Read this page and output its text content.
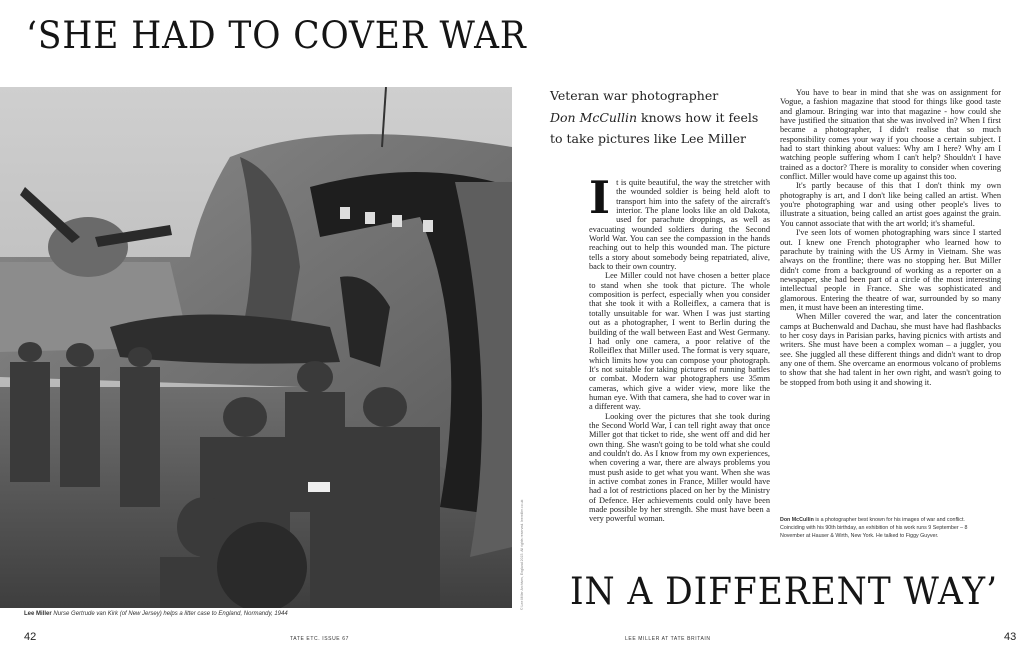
‘SHE HAD TO COVER WAR
Lee Miller Nurse Gertrude van Kirk (of New Jersey) helps a litter case to England, Normandy, 1944
© Lee Miller Archives, England 2015. All rights reserved. leemiller.co.uk
Veteran war photographer
Don McCullin knows how it feels
to take pictures like Lee Miller

It is quite beautiful, the way the stretcher with the wounded soldier is being held aloft to transport him into the safety of the aircraft's interior. The plane looks like an old Dakota, used for parachute droppings, as well as evacuating wounded soldiers during the Second World War. You can see the compassion in the hands reaching out to help this wounded man. The picture tells a story about somebody being repatriated, alive, back to their own country.

Lee Miller could not have chosen a better place to stand when she took that picture. The whole composition is perfect, especially when you consider that she took it with a Rolleiflex, a camera that is totally unsuitable for war. When I was just starting out as a photographer, I went to Berlin during the building of the wall between East and West Germany. I had only one camera, a poor relative of the Rolleiflex that Miller used. The format is very square, which limits how you can compose your photograph. It's not suitable for taking pictures of running battles or combat. Modern war photographers use 35mm cameras, which give a wider view, more like the human eye. With that camera, she had to cover war in a different way.

Looking over the pictures that she took during the Second World War, I can tell right away that once Miller got that ticket to ride, she went off and did her own thing. She wasn't going to be told what she could and couldn't do. As I know from my own experiences, when covering a war, there are always problems you must push aside to get what you want. When she was in active combat zones in France, Miller would have had a lot of restrictions placed on her by the Ministry of Defence. Her achievements could only have been made possible by her strength. She must have been a very powerful woman.

You have to bear in mind that she was on assignment for Vogue, a fashion magazine that stood for things like good taste and glamour. Bringing war into that magazine - how could she have justified the situation that she was involved in? When I first became a photographer, I didn't realise that so much responsibility comes your way if you choose a certain subject. I had to start thinking about values: Why am I here? Why am I watching people suffering whom I can't help? Shouldn't I have trained as a doctor? There is morality to consider when covering conflict. Miller would have come up against this too.

It's partly because of this that I don't think my own photography is art, and I don't like being called an artist. When you're photographing war and using other people's lives to illustrate a situation, being called an artist goes against the grain. You cannot associate that with the art world; it's shameful.

I've seen lots of women photographing wars since I started out. I knew one French photographer who learned how to parachute by training with the US Army in Vietnam. She was always on the frontline; there was no stopping her. But Miller didn't come from a background of working as a reporter on a newspaper, she had been part of a circle of the most interesting intellectual people in France. She was sophisticated and glamorous. Entering the theatre of war, surrounded by so many men, it must have been an interesting time.

When Miller covered the war, and later the concentration camps at Buchenwald and Dachau, she must have had flashbacks to her cosy days in Parisian parks, having picnics with artists and writers. She must have been a complex woman – a juggler, you see. She juggled all these different things and didn't want to drop any one of them. She overcame an enormous volcano of problems to show that she had talent in her own right, and wasn't going to be stopped from both using it and showing it.

Don McCullin is a photographer best known for his images of war and conflict. Coinciding with his 90th birthday, an exhibition of his work runs 9 September – 8 November at Hauser & Wirth, New York. He talked to Figgy Guyver.
IN A DIFFERENT WAY’
42	TATE ETC. ISSUE 67	LEE MILLER AT TATE BRITAIN	43
